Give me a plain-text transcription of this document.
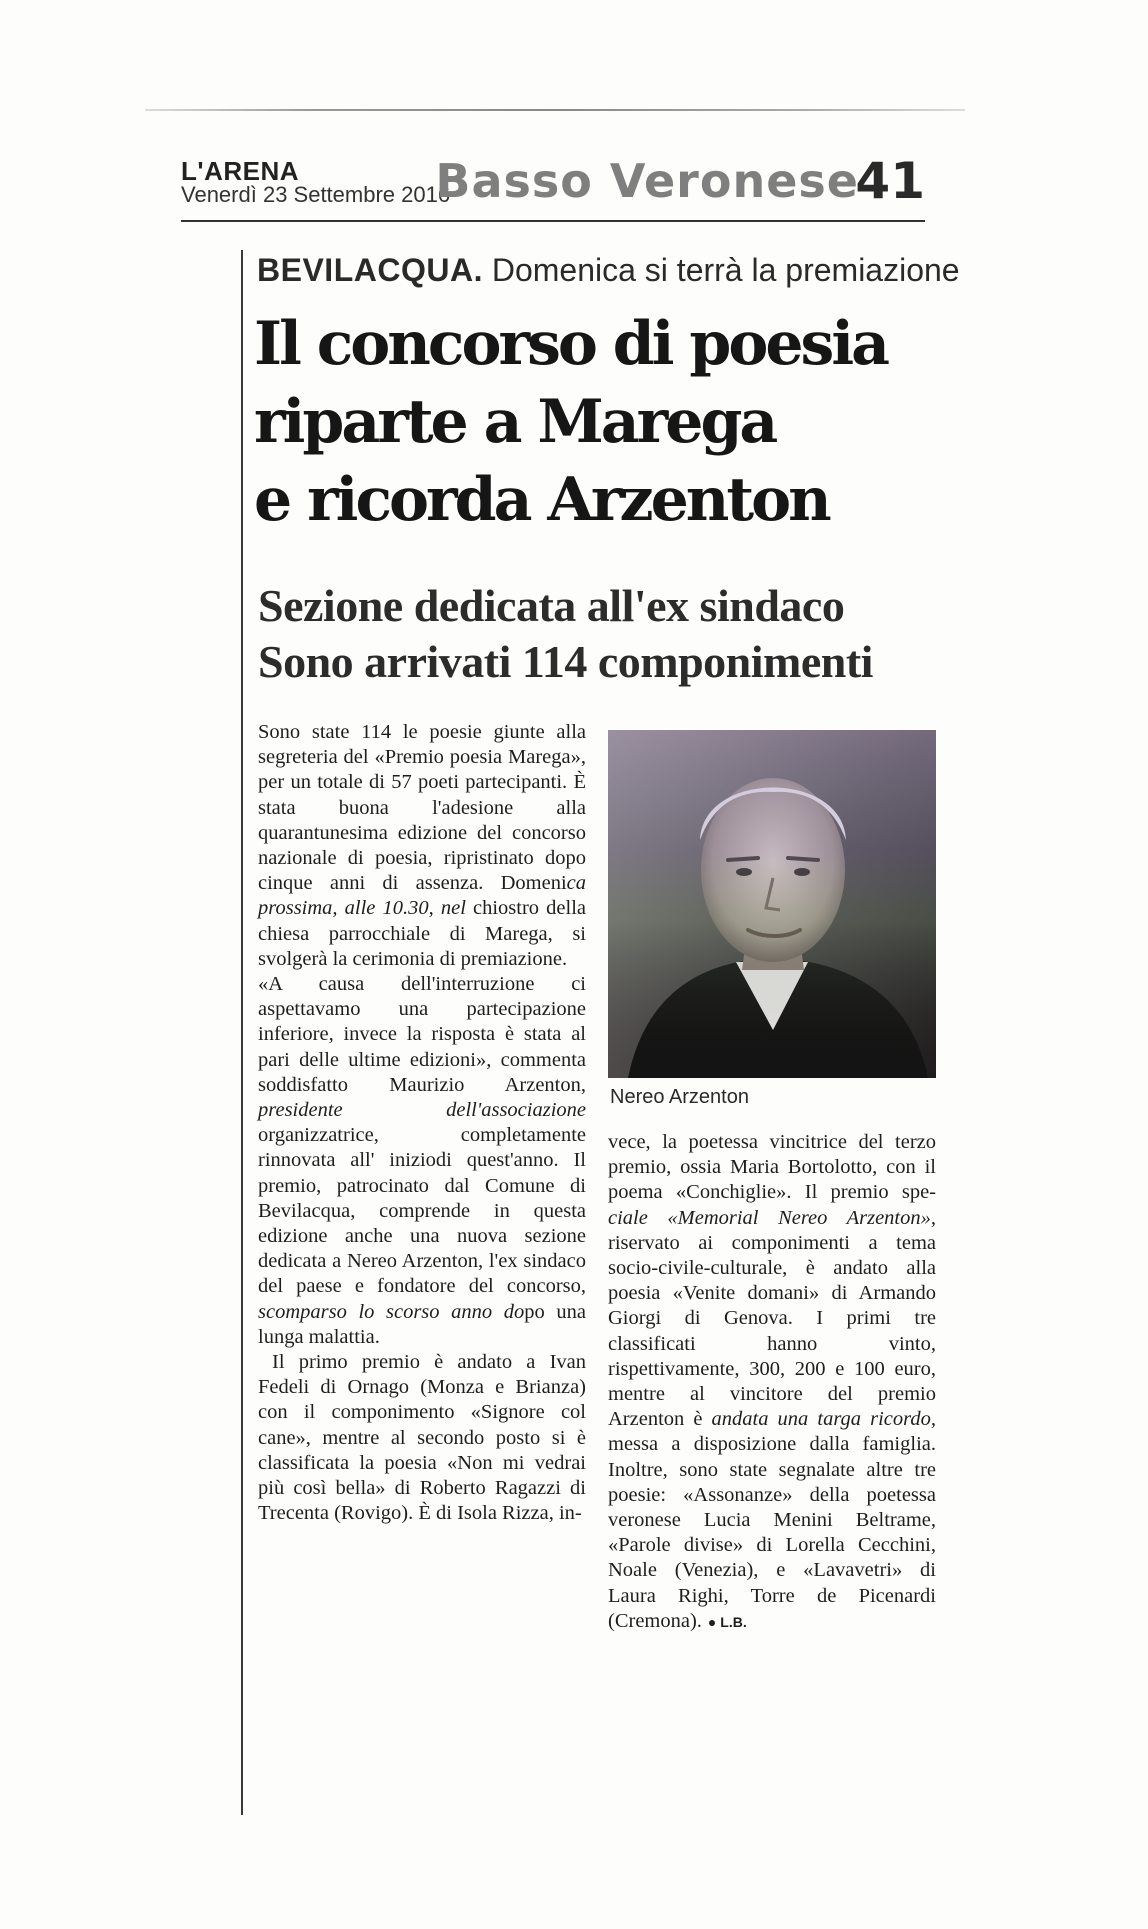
L'ARENA
Venerdì 23 Settembre 2016
Basso Veronese
41
BEVILACQUA. Domenica si terrà la premiazione
Il concorso di poesia
riparte a Marega
e ricorda Arzenton
Sezione dedicata all'ex sindaco
Sono arrivati 114 componimenti

Sono state 114 le poesie giunte alla segreteria del «Premio poesia Marega», per un totale di 57 poeti partecipanti. È stata buona l'adesione alla quarantunesima edizione del concorso nazionale di poesia, ripristinato dopo cinque anni di assenza. Domenica prossima, alle 10.30, nel chiostro della chiesa parrocchiale di Marega, si svolgerà la cerimonia di premiazione.

«A causa dell'interruzione ci aspettavamo una partecipazione inferiore, invece la risposta è stata al pari delle ultime edizioni», commenta soddisfatto Maurizio Arzenton, presidente dell'associazione organizzatrice, completamente rinnovata all' iniziodi quest'anno. Il premio, patrocinato dal Comune di Bevilacqua, comprende in questa edizione anche una nuova sezione dedicata a Nereo Arzenton, l'ex sindaco del paese e fondatore del concorso, scomparso lo scorso anno dopo una lunga malattia.

Il primo premio è andato a Ivan Fedeli di Ornago (Monza e Brianza) con il componimento «Signore col cane», mentre al secondo posto si è classificata la poesia «Non mi vedrai più così bella» di Roberto Ragazzi di Trecenta (Rovigo). È di Isola Rizza, in-

Nereo Arzenton

vece, la poetessa vincitrice del terzo premio, ossia Maria Bortolotto, con il poema «Conchiglie». Il premio spe- ciale «Memorial Nereo Arzenton», riservato ai componimenti a tema socio-civile-culturale, è andato alla poesia «Venite domani» di Armando Giorgi di Genova. I primi tre classificati hanno vinto, rispettivamente, 300, 200 e 100 euro, mentre al vincitore del premio Arzenton è andata una targa ricordo, messa a disposizione dalla famiglia. Inoltre, sono state segnalate altre tre poesie: «Assonanze» della poetessa veronese Lucia Menini Beltrame, «Parole divise» di Lorella Cecchini, Noale (Venezia), e «Lavavetri» di Laura Righi, Torre de Picenardi (Cremona). ● L.B.
